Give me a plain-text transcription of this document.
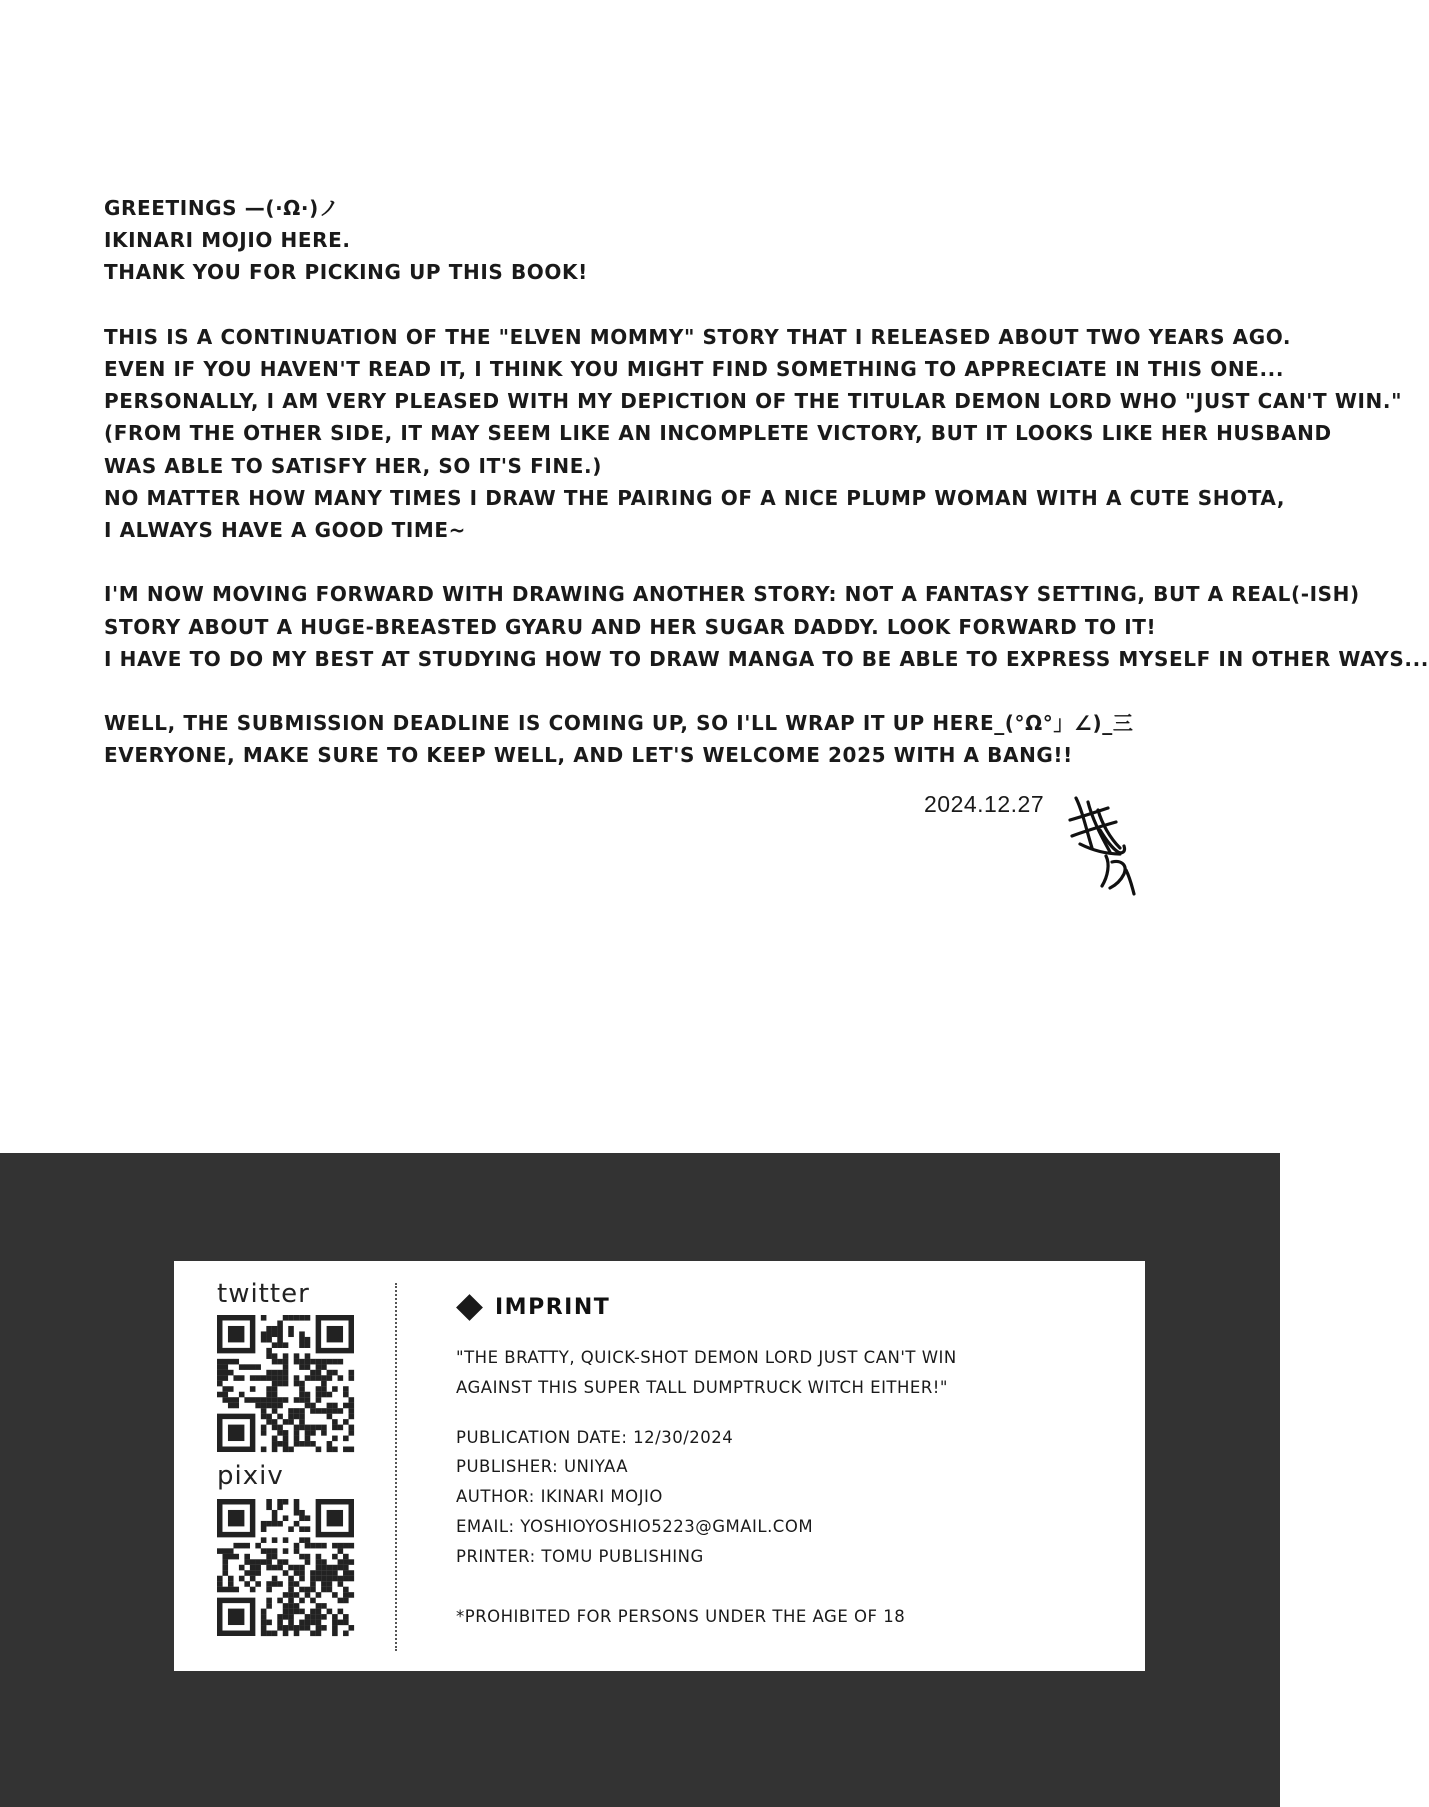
GREETINGS —(·Ω·)ノ
IKINARI MOJIO HERE.
THANK YOU FOR PICKING UP THIS BOOK!
THIS IS A CONTINUATION OF THE "ELVEN MOMMY" STORY THAT I RELEASED ABOUT TWO YEARS AGO.
EVEN IF YOU HAVEN'T READ IT, I THINK YOU MIGHT FIND SOMETHING TO APPRECIATE IN THIS ONE...
PERSONALLY, I AM VERY PLEASED WITH MY DEPICTION OF THE TITULAR DEMON LORD WHO "JUST CAN'T WIN."
(FROM THE OTHER SIDE, IT MAY SEEM LIKE AN INCOMPLETE VICTORY, BUT IT LOOKS LIKE HER HUSBAND
WAS ABLE TO SATISFY HER, SO IT'S FINE.)
NO MATTER HOW MANY TIMES I DRAW THE PAIRING OF A NICE PLUMP WOMAN WITH A CUTE SHOTA,
I ALWAYS HAVE A GOOD TIME~
I'M NOW MOVING FORWARD WITH DRAWING ANOTHER STORY: NOT A FANTASY SETTING, BUT A REAL(-ISH)
STORY ABOUT A HUGE-BREASTED GYARU AND HER SUGAR DADDY. LOOK FORWARD TO IT!
I HAVE TO DO MY BEST AT STUDYING HOW TO DRAW MANGA TO BE ABLE TO EXPRESS MYSELF IN OTHER WAYS...
WELL, THE SUBMISSION DEADLINE IS COMING UP, SO I'LL WRAP IT UP HERE_(°Ω°」∠)_三
EVERYONE, MAKE SURE TO KEEP WELL, AND LET'S WELCOME 2025 WITH A BANG!!
2024.12.27
twitter
pixiv
IMPRINT
"THE BRATTY, QUICK-SHOT DEMON LORD JUST CAN'T WIN
AGAINST THIS SUPER TALL DUMPTRUCK WITCH EITHER!"
PUBLICATION DATE: 12/30/2024
PUBLISHER: UNIYAA
AUTHOR: IKINARI MOJIO
EMAIL: YOSHIOYOSHIO5223@GMAIL.COM
PRINTER: TOMU PUBLISHING
*PROHIBITED FOR PERSONS UNDER THE AGE OF 18
